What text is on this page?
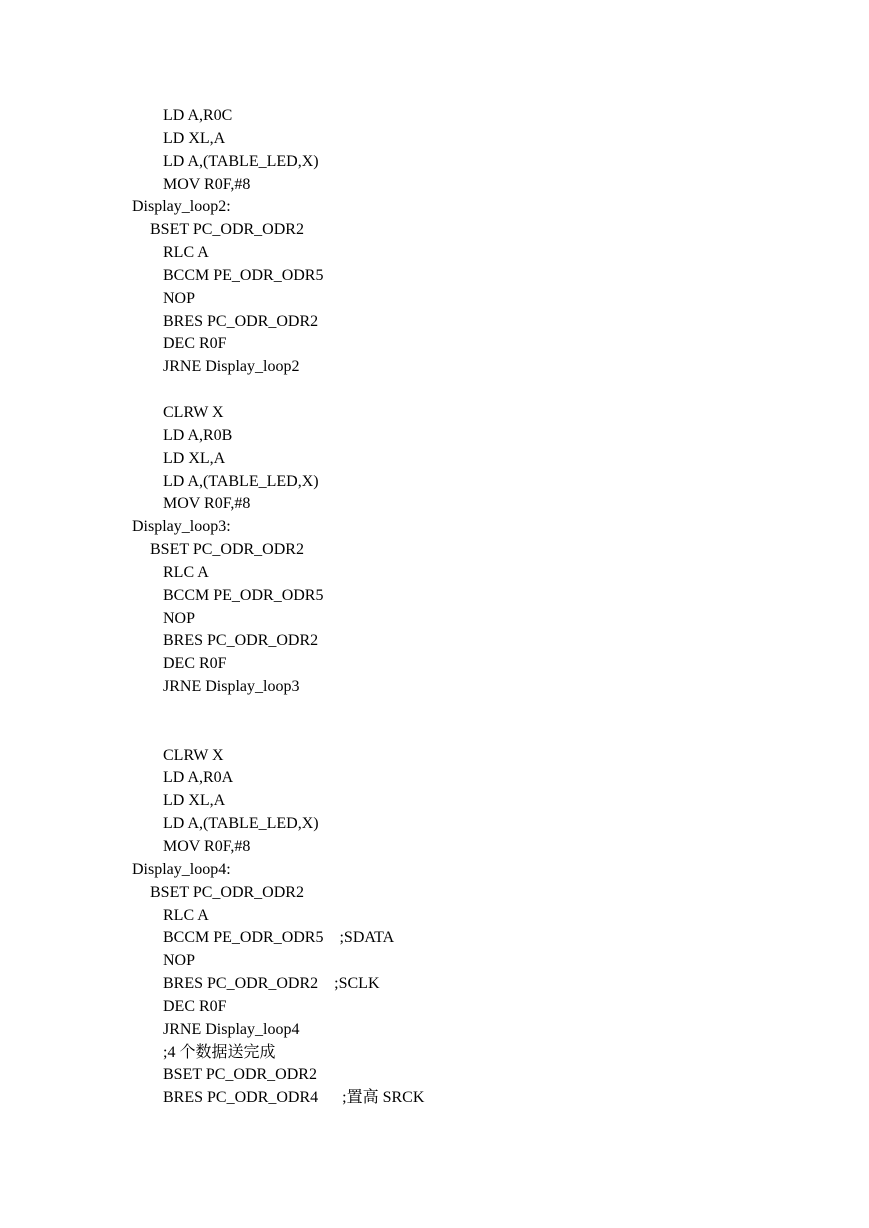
LD A,R0C
LD XL,A
LD A,(TABLE_LED,X)
MOV R0F,#8
Display_loop2:
BSET PC_ODR_ODR2
RLC A
BCCM PE_ODR_ODR5
NOP
BRES PC_ODR_ODR2
DEC R0F
JRNE Display_loop2
CLRW X
LD A,R0B
LD XL,A
LD A,(TABLE_LED,X)
MOV R0F,#8
Display_loop3:
BSET PC_ODR_ODR2
RLC A
BCCM PE_ODR_ODR5
NOP
BRES PC_ODR_ODR2
DEC R0F
JRNE Display_loop3
CLRW X
LD A,R0A
LD XL,A
LD A,(TABLE_LED,X)
MOV R0F,#8
Display_loop4:
BSET PC_ODR_ODR2
RLC A
BCCM PE_ODR_ODR5    ;SDATA
NOP
BRES PC_ODR_ODR2    ;SCLK
DEC R0F
JRNE Display_loop4
;4 个数据送完成
BSET PC_ODR_ODR2
BRES PC_ODR_ODR4      ;置高 SRCK
